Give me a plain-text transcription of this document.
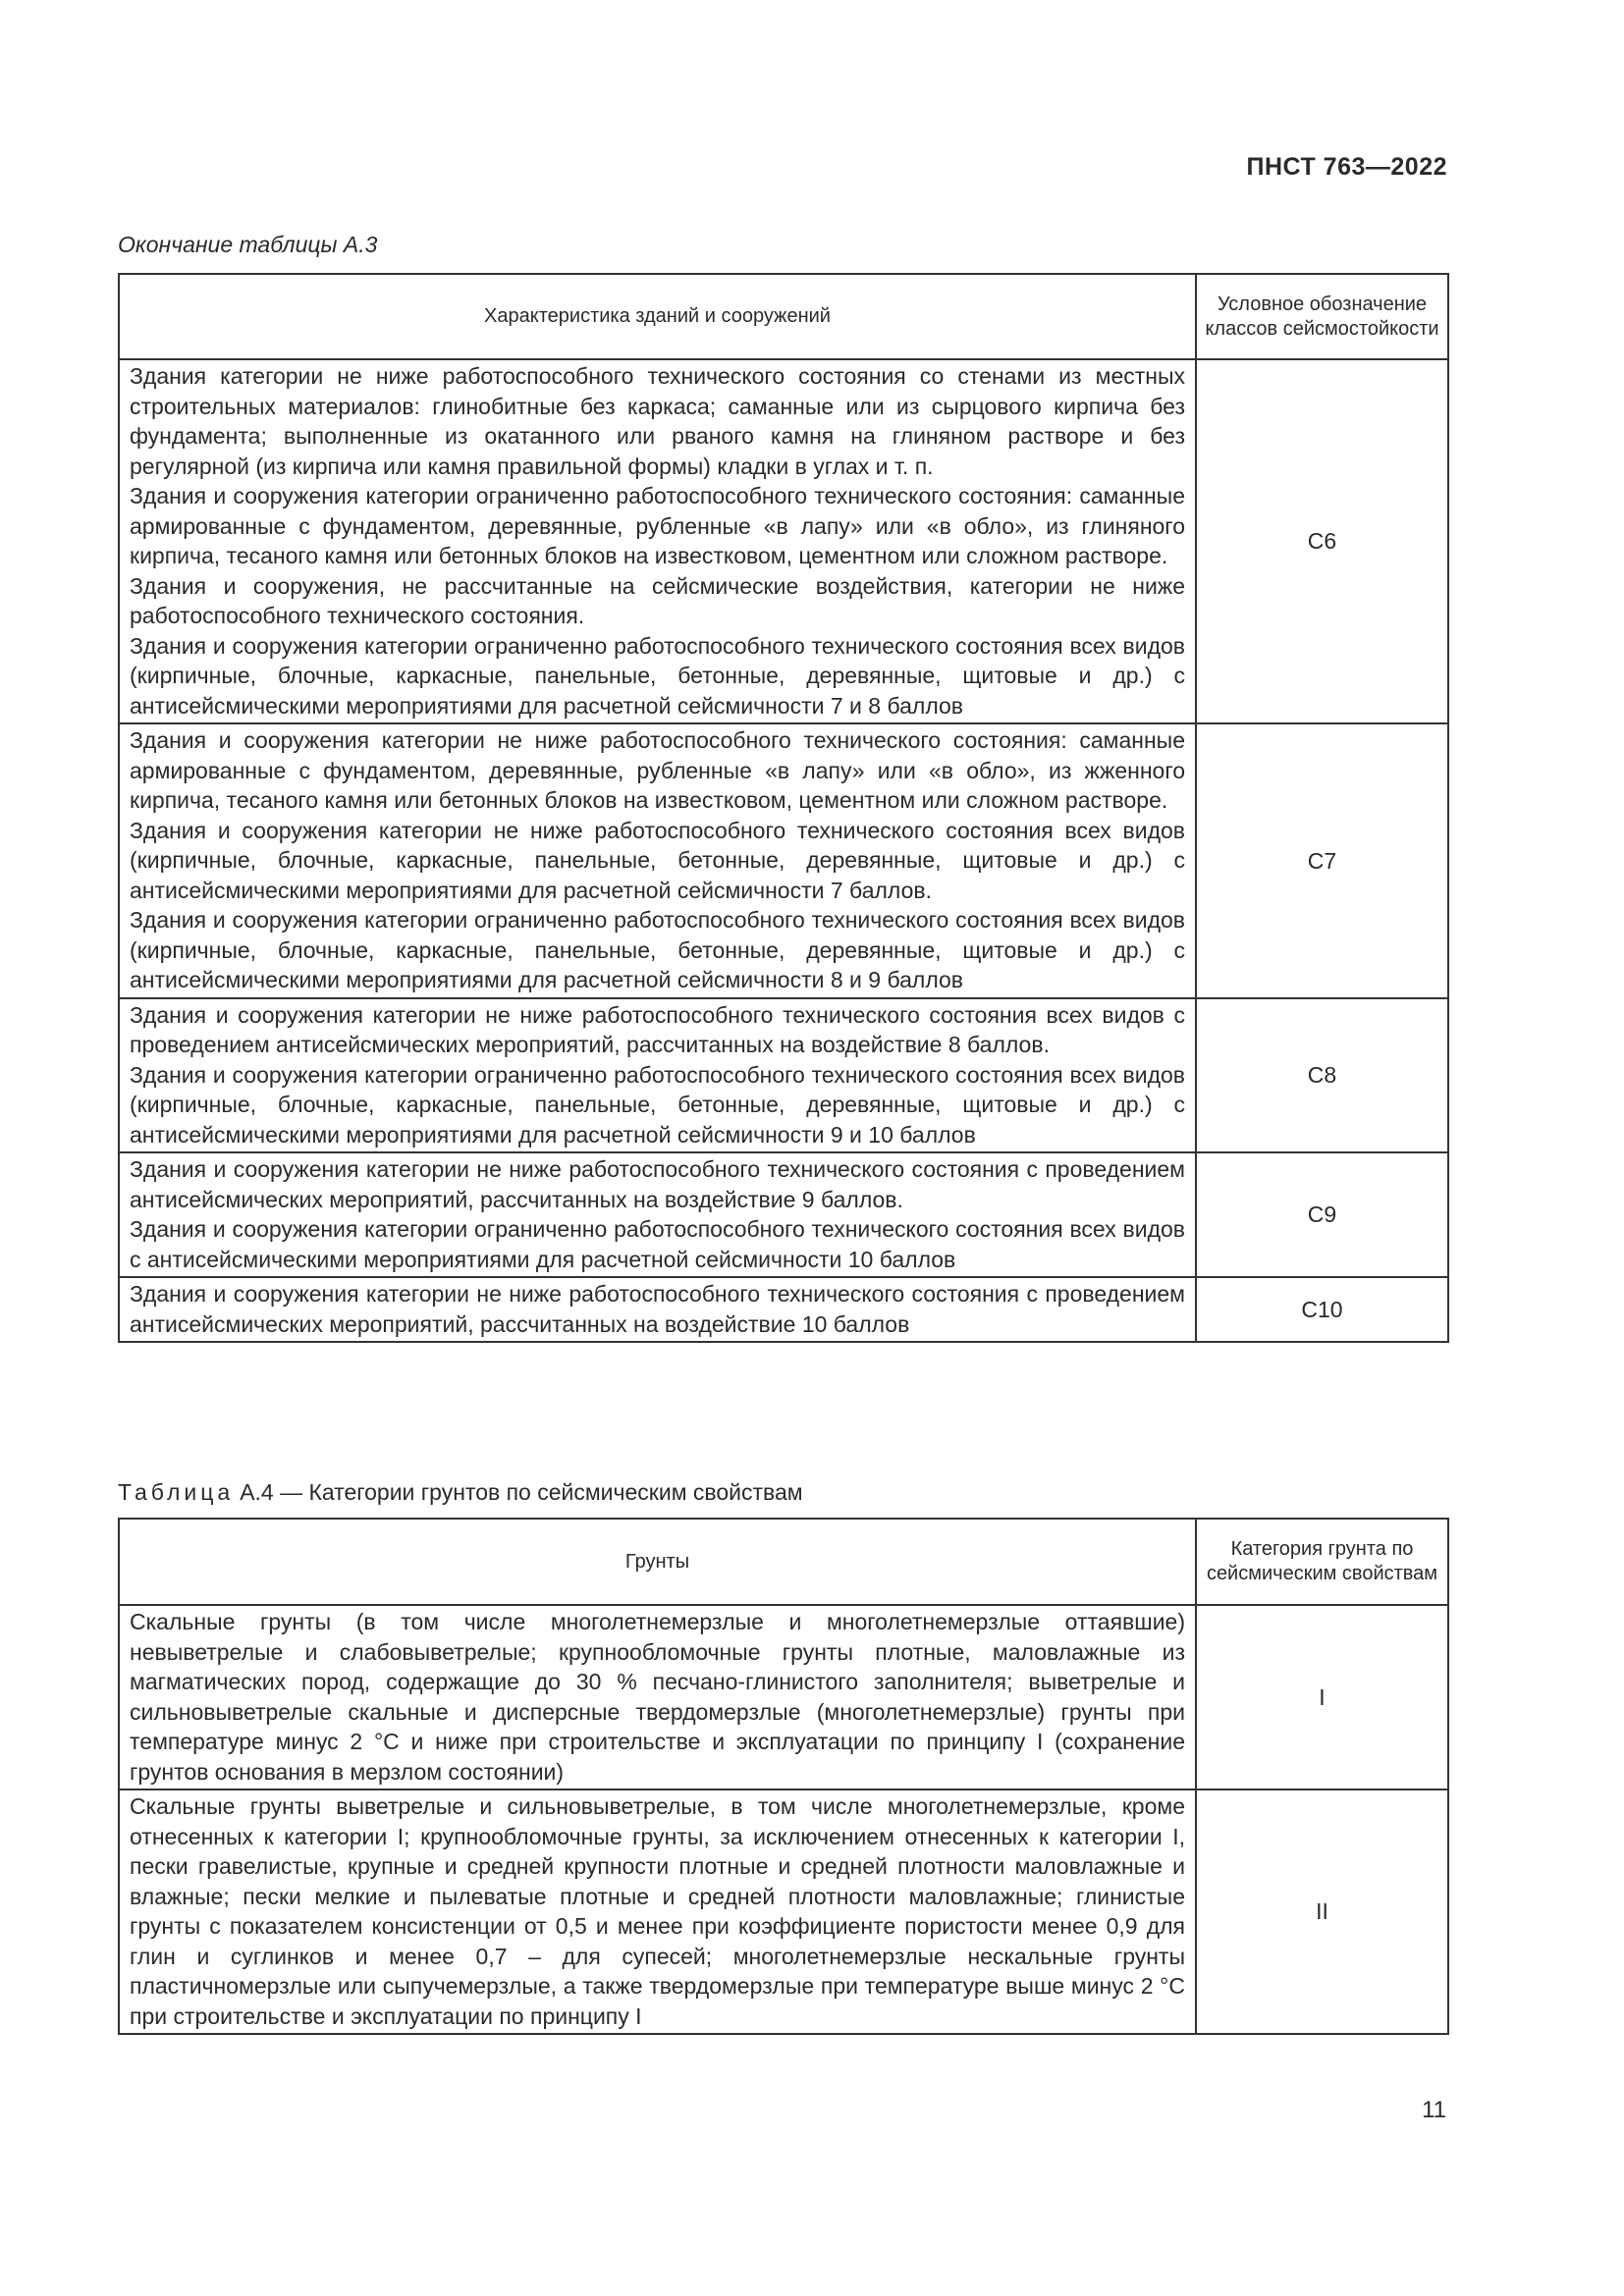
ПНСТ 763—2022
Окончание таблицы А.3
Характеристика зданий и сооружений	Условное обозначение классов сейсмостойкости

Здания категории не ниже работоспособного технического состояния со стенами из местных строительных материалов: глинобитные без каркаса; саманные или из сырцового кирпича без фундамента; выполненные из окатанного или рваного камня на глиняном растворе и без регулярной (из кирпича или камня правильной формы) кладки в углах и т. п.

Здания и сооружения категории ограниченно работоспособного технического состояния: саманные армированные с фундаментом, деревянные, рубленные «в лапу» или «в обло», из глиняного кирпича, тесаного камня или бетонных блоков на известковом, цементном или сложном растворе.

Здания и сооружения, не рассчитанные на сейсмические воздействия, категории не ниже работоспособного технического состояния.

Здания и сооружения категории ограниченно работоспособного технического состояния всех видов (кирпичные, блочные, каркасные, панельные, бетонные, деревянные, щитовые и др.) с антисейсмическими мероприятиями для расчетной сейсмичности 7 и 8 баллов	С6

Здания и сооружения категории не ниже работоспособного технического состояния: саманные армированные с фундаментом, деревянные, рубленные «в лапу» или «в обло», из жженного кирпича, тесаного камня или бетонных блоков на известковом, цементном или сложном растворе.

Здания и сооружения категории не ниже работоспособного технического состояния всех видов (кирпичные, блочные, каркасные, панельные, бетонные, деревянные, щитовые и др.) с антисейсмическими мероприятиями для расчетной сейсмичности 7 баллов.

Здания и сооружения категории ограниченно работоспособного технического состояния всех видов (кирпичные, блочные, каркасные, панельные, бетонные, деревянные, щитовые и др.) с антисейсмическими мероприятиями для расчетной сейсмичности 8 и 9 баллов	С7

Здания и сооружения категории не ниже работоспособного технического состояния всех видов с проведением антисейсмических мероприятий, рассчитанных на воздействие 8 баллов.

Здания и сооружения категории ограниченно работоспособного технического состояния всех видов (кирпичные, блочные, каркасные, панельные, бетонные, деревянные, щитовые и др.) с антисейсмическими мероприятиями для расчетной сейсмичности 9 и 10 баллов	С8

Здания и сооружения категории не ниже работоспособного технического состояния с проведением антисейсмических мероприятий, рассчитанных на воздействие 9 баллов.

Здания и сооружения категории ограниченно работоспособного технического состояния всех видов с антисейсмическими мероприятиями для расчетной сейсмичности 10 баллов	С9

Здания и сооружения категории не ниже работоспособного технического состояния с проведением антисейсмических мероприятий, рассчитанных на воздействие 10 баллов	С10
Таблица А.4 — Категории грунтов по сейсмическим свойствам
Грунты	Категория грунта по сейсмическим свойствам

Скальные грунты (в том числе многолетнемерзлые и многолетнемерзлые оттаявшие) невыветрелые и слабовыветрелые; крупнообломочные грунты плотные, маловлажные из магматических пород, содержащие до 30 % песчано-глинистого заполнителя; выветрелые и сильновыветрелые скальные и дисперсные твердомерзлые (многолетнемерзлые) грунты при температуре минус 2 °С и ниже при строительстве и эксплуатации по принципу I (сохранение грунтов основания в мерзлом состоянии)	I

Скальные грунты выветрелые и сильновыветрелые, в том числе многолетнемерзлые, кроме отнесенных к категории I; крупнообломочные грунты, за исключением отнесенных к категории I, пески гравелистые, крупные и средней крупности плотные и средней плотности маловлажные и влажные; пески мелкие и пылеватые плотные и средней плотности маловлажные; глинистые грунты с показателем консистенции от 0,5 и менее при коэффициенте пористости менее 0,9 для глин и суглинков и менее 0,7 – для супесей; многолетнемерзлые нескальные грунты пластичномерзлые или сыпучемерзлые, а также твердомерзлые при температуре выше минус 2 °С при строительстве и эксплуатации по принципу I	II
11
